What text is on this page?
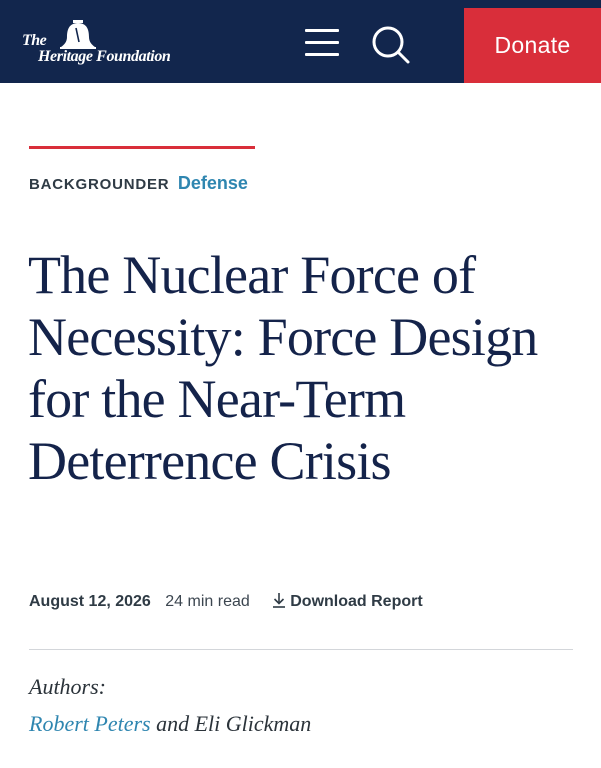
The
Heritage Foundation	Donate
BACKGROUNDER Defense
The Nuclear Force of Necessity: Force Design for the Near-Term Deterrence Crisis
August 12, 2026 24 min read	Download Report
Authors:
Robert Peters and Eli Glickman
